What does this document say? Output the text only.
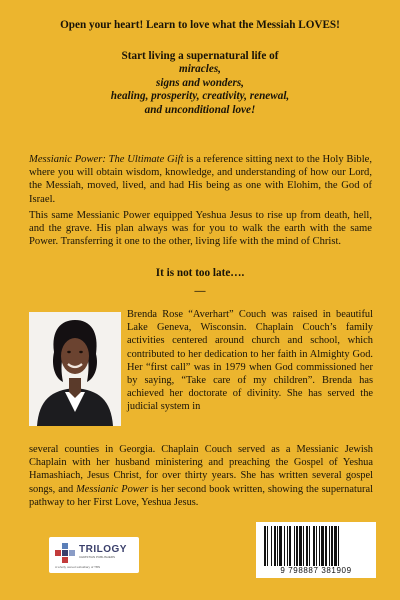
Open your heart! Learn to love what the Messiah LOVES!
Start living a supernatural life of
miracles,
signs and wonders,
healing, prosperity, creativity, renewal,
and unconditional love!
Messianic Power: The Ultimate Gift is a reference sitting next to the Holy Bible, where you will obtain wisdom, knowledge, and understanding of how our Lord, the Messiah, moved, lived, and had His being as one with Elohim, the God of Israel.
This same Messianic Power equipped Yeshua Jesus to rise up from death, hell, and the grave. His plan always was for you to walk the earth with the same Power. Transferring it one to the other, living life with the mind of Christ.
It is not too late….
—
Brenda Rose “Averhart” Couch was raised in beautiful Lake Geneva, Wisconsin. Chaplain Couch’s family activities centered around church and school, which contributed to her dedication to her faith in Almighty God. Her “first call” was in 1979 when God commissioned her by saying, “Take care of my children”. Brenda has achieved her doctorate of divinity. She has served the judicial system in
several counties in Georgia. Chaplain Couch served as a Messianic Jewish Chaplain with her husband ministering and preaching the Gospel of Yeshua Hamashiach, Jesus Christ, for over thirty years. She has written several gospel songs, and Messianic Power is her second book written, showing the supernatural pathway to her First Love, Yeshua Jesus.
TRILOGY
CHRISTIAN PUBLISHERS
A wholly owned subsidiary of TBN	9 798887 381909
